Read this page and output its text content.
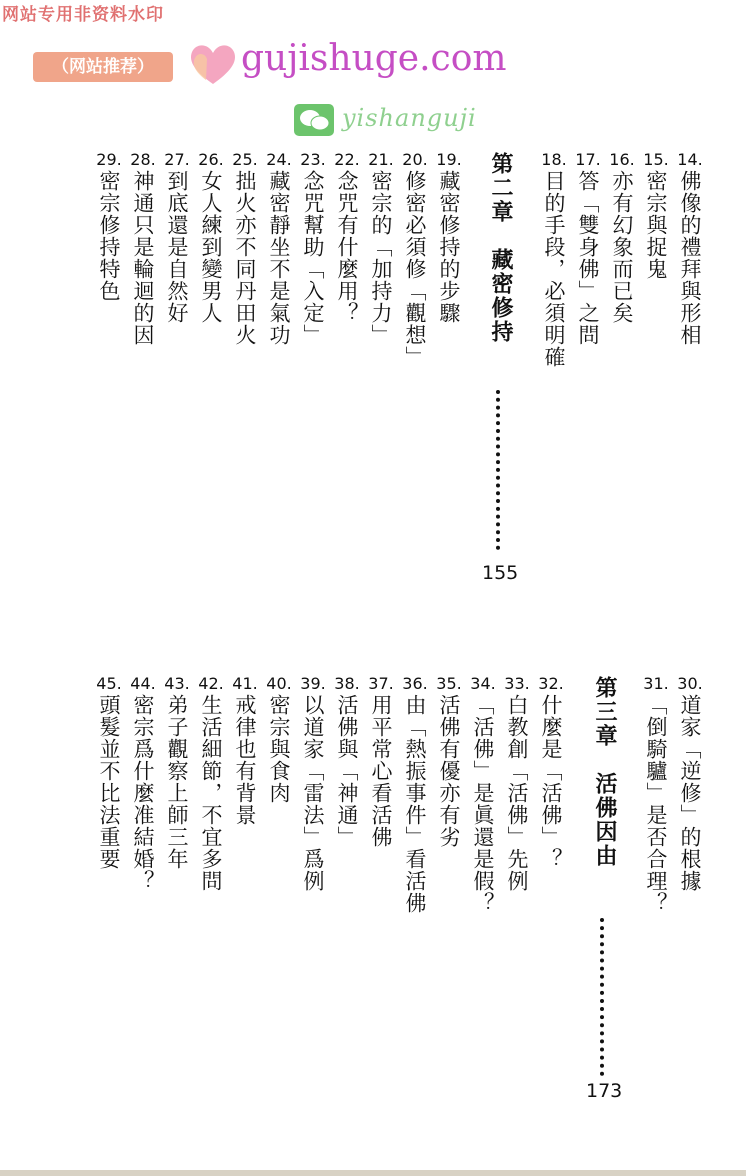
网站专用非资料水印
（网站推荐）	gujishuge.com
yishanguji
14.
佛像的禮拜與形相
15.
密宗與捉鬼
16.
亦有幻象而已矣
17.
答「雙身佛」之問
18.
目的手段，必須明確
第二章　藏密修持
155
19.
藏密修持的步驟
20.
修密必須修「觀想」
21.
密宗的「加持力」
22.
念咒有什麼用？
23.
念咒幫助「入定」
24.
藏密靜坐不是氣功
25.
拙火亦不同丹田火
26.
女人練到變男人
27.
到底還是自然好
28.
神通只是輪迴的因
29.
密宗修持特色
30.
道家「逆修」的根據
31.
「倒騎驢」是否合理？
第三章　活佛因由
173
32.
什麼是「活佛」？
33.
白教創「活佛」先例
34.
「活佛」是眞還是假？
35.
活佛有優亦有劣
36.
由「熱振事件」看活佛
37.
用平常心看活佛
38.
活佛與「神通」
39.
以道家「雷法」爲例
40.
密宗與食肉
41.
戒律也有背景
42.
生活細節，不宜多問
43.
弟子觀察上師三年
44.
密宗爲什麼准結婚？
45.
頭髮並不比法重要
